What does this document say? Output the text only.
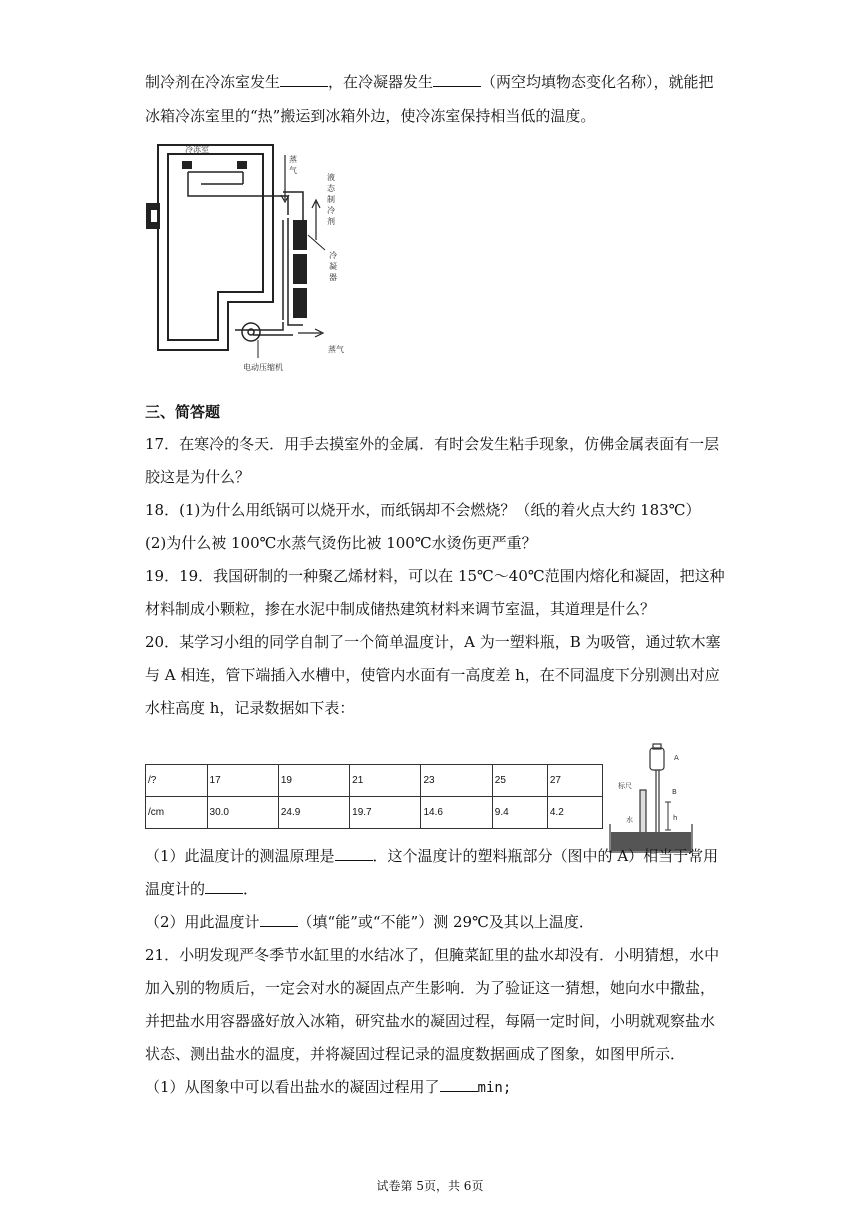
制冷剂在冷冻室发生	，在冷凝器发生	（两空均填物态变化名称），就能把
冰箱冷冻室里的“热”搬运到冰箱外边，使冷冻室保持相当低的温度。
冷冻室
蒸气
电动压缩机
蒸气
液态制冷剂
冷凝器
三、简答题
17．在寒冷的冬天．用手去摸室外的金属．有时会发生粘手现象，仿佛金属表面有一层
胶这是为什么？
18．(1)为什么用纸锅可以烧开水，而纸锅却不会燃烧？（纸的着火点大约 183℃）
(2)为什么被 100℃水蒸气烫伤比被 100℃水烫伤更严重？
19．19．我国研制的一种聚乙烯材料，可以在 15℃～40℃范围内熔化和凝固，把这种
材料制成小颗粒，掺在水泥中制成储热建筑材料来调节室温，其道理是什么？
20．某学习小组的同学自制了一个简单温度计，A 为一塑料瓶，B 为吸管，通过软木塞
与 A 相连，管下端插入水槽中，使管内水面有一高度差 h，在不同温度下分别测出对应
水柱高度 h，记录数据如下表：
/?	17	19	21	23	25	27
/cm	30.0	24.9	19.7	14.6	9.4	4.2
A
B
h
标尺
水
（1）此温度计的测温原理是	．这个温度计的塑料瓶部分（图中的 A）相当于常用
温度计的	．
（2）用此温度计	（填“能”或“不能”）测 29℃及其以上温度．
21．小明发现严冬季节水缸里的水结冰了，但腌菜缸里的盐水却没有．小明猜想，水中
加入别的物质后，一定会对水的凝固点产生影响．为了验证这一猜想，她向水中撒盐，
并把盐水用容器盛好放入冰箱，研究盐水的凝固过程，每隔一定时间，小明就观察盐水
状态、测出盐水的温度，并将凝固过程记录的温度数据画成了图象，如图甲所示．
（1）从图象中可以看出盐水的凝固过程用了	min;
试卷第 5页，共 6页
